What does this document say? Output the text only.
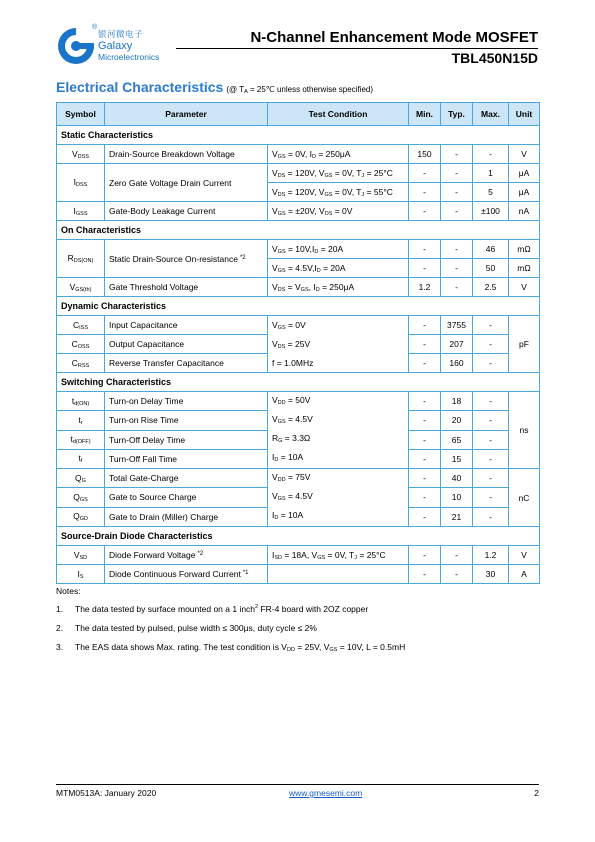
®
银河微电子
Galaxy
Microelectronics
N-Channel Enhancement Mode MOSFET
TBL450N15D
Electrical Characteristics (@ $T_A$ = 25℃ unless otherwise specified)
Symbol	Parameter	Test Condition	Min.	Typ.	Max.	Unit
Static Characteristics						
$V_{DSS}$	Drain-Source Breakdown Voltage	$V_{GS} = 0V$, $I_D = 250\mu A$	150	-	-	V
$I_{DSS}$	Zero Gate Voltage Drain Current	$V_{DS} = 120V$, $V_{GS} = 0V$, $T_J = 25^\circ C$	-	-	1	μA
		$V_{DS} = 120V$, $V_{GS} = 0V$, $T_J = 55^\circ C$	-	-	5	μA
$I_{GSS}$	Gate-Body Leakage Current	$V_{GS} = \pm 20V$, $V_{DS} = 0V$	-	-	±100	nA
On Characteristics						
$R_{DS(ON)}$	Static Drain-Source On-resistance $^{*2}$	$V_{GS} = 10V,I_D = 20A$	-	-	46	mΩ
		$V_{GS} = 4.5V,I_D = 20A$	-	-	50	mΩ
$V_{GS(th)}$	Gate Threshold Voltage	$V_{DS} = V_{GS}$, $I_D = 250\mu A$	1.2	-	2.5	V
Dynamic Characteristics						
$C_{ISS}$	Input Capacitance	$V_{GS} = 0V$
$V_{DS} = 25V$
f = 1.0MHz	-	3755	-	pF
$C_{OSS}$	Output Capacitance		-	207	-	
$C_{RSS}$	Reverse Transfer Capacitance		-	160	-	
Switching Characteristics						
$t_{d(ON)}$	Turn-on Delay Time	$V_{DD} = 50V$
$V_{GS} = 4.5V$
$R_G = 3.3\Omega$
$I_D = 10A$	-	18	-	ns
$t_r$	Turn-on Rise Time		-	20	-	
$t_{d(OFF)}$	Turn-Off Delay Time		-	65	-	
$t_f$	Turn-Off Fall Time		-	15	-	
$Q_G$	Total Gate-Charge	$V_{DD} = 75V$
$V_{GS} = 4.5V$
$I_D = 10A$	-	40	-	nC
$Q_{GS}$	Gate to Source Charge		-	10	-	
$Q_{GD}$	Gate to Drain (Miller) Charge		-	21	-	
Source-Drain Diode Characteristics						
$V_{SD}$	Diode Forward Voltage $^{*2}$	$I_{SD} = 18A$, $V_{GS} = 0V$, $T_J = 25^\circ C$	-	-	1.2	V
$I_S$	Diode Continuous Forward Current $^{*1}$		-	-	30	A
Notes:
1.	The data tested by surface mounted on a 1 inch$^2$ FR-4 board with 2OZ copper
2.	The data tested by pulsed, pulse width ≤ 300μs, duty cycle ≤ 2%
3.	The EAS data shows Max. rating. The test condition is $V_{DD} = 25V$, $V_{GS} = 10V$, L = 0.5mH
MTM0513A: January 2020	www.gmesemi.com	2
